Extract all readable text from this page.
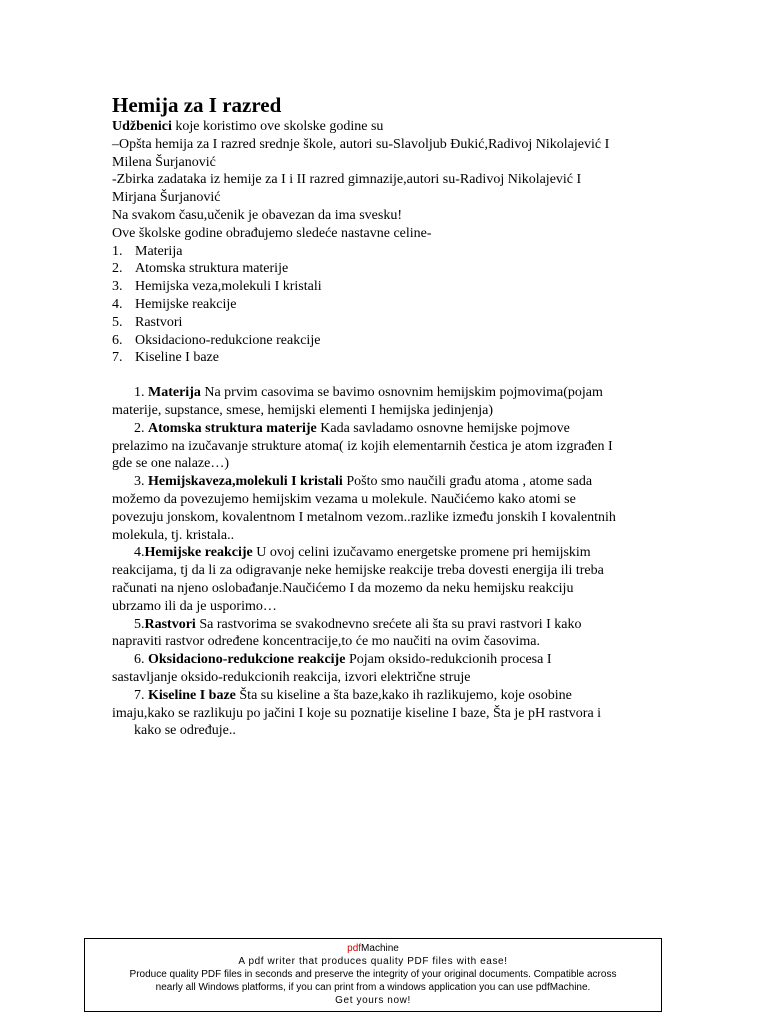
Hemija za I razred

Udžbenici koje koristimo ove skolske godine su

–Opšta hemija za I razred srednje škole, autori su-Slavoljub Đukić,Radivoj Nikolajević I

Milena Šurjanović

-Zbirka zadataka iz hemije za I i II razred gimnazije,autori su-Radivoj Nikolajević I

Mirjana Šurjanović

Na svakom času,učenik je obavezan da ima svesku!

Ove školske godine obrađujemo sledeće nastavne celine-

1. Materija
2. Atomska struktura materije
3. Hemijska veza,molekuli I kristali
4. Hemijske reakcije
5. Rastvori
6. Oksidaciono-redukcione reakcije
7. Kiseline I baze
1. Materija Na prvim casovima se bavimo osnovnim hemijskim pojmovima(pojam
materije, supstance, smese, hemijski elementi I hemijska jedinjenja)
2. Atomska struktura materije Kada savladamo osnovne hemijske pojmove
prelazimo na izučavanje strukture atoma( iz kojih elementarnih čestica je atom izgrađen I
gde se one nalaze…)
3. Hemijskaveza,molekuli I kristali Pošto smo naučili građu atoma , atome sada
možemo da povezujemo hemijskim vezama u molekule. Naučićemo kako atomi se
povezuju jonskom, kovalentnom I metalnom vezom..razlike između jonskih I kovalentnih
molekula, tj. kristala..
4.Hemijske reakcije U ovoj celini izučavamo energetske promene pri hemijskim
reakcijama, tj da li za odigravanje neke hemijske reakcije treba dovesti energija ili treba
računati na njeno oslobađanje.Naučićemo I da mozemo da neku hemijsku reakciju
ubrzamo ili da je usporimo…
5.Rastvori Sa rastvorima se svakodnevno srećete ali šta su pravi rastvori I kako
napraviti rastvor određene koncentracije,to će mo naučiti na ovim časovima.
6. Oksidaciono-redukcione reakcije Pojam oksido-redukcionih procesa I
sastavljanje oksido-redukcionih reakcija, izvori električne struje
7. Kiseline I baze Šta su kiseline a šta baze,kako ih razlikujemo, koje osobine
imaju,kako se razlikuju po jačini I koje su poznatije kiseline I baze, Šta je pH rastvora i
kako se određuje..
pdfMachine
A pdf writer that produces quality PDF files with ease!
Produce quality PDF files in seconds and preserve the integrity of your original documents. Compatible across
nearly all Windows platforms, if you can print from a windows application you can use pdfMachine.
Get yours now!
